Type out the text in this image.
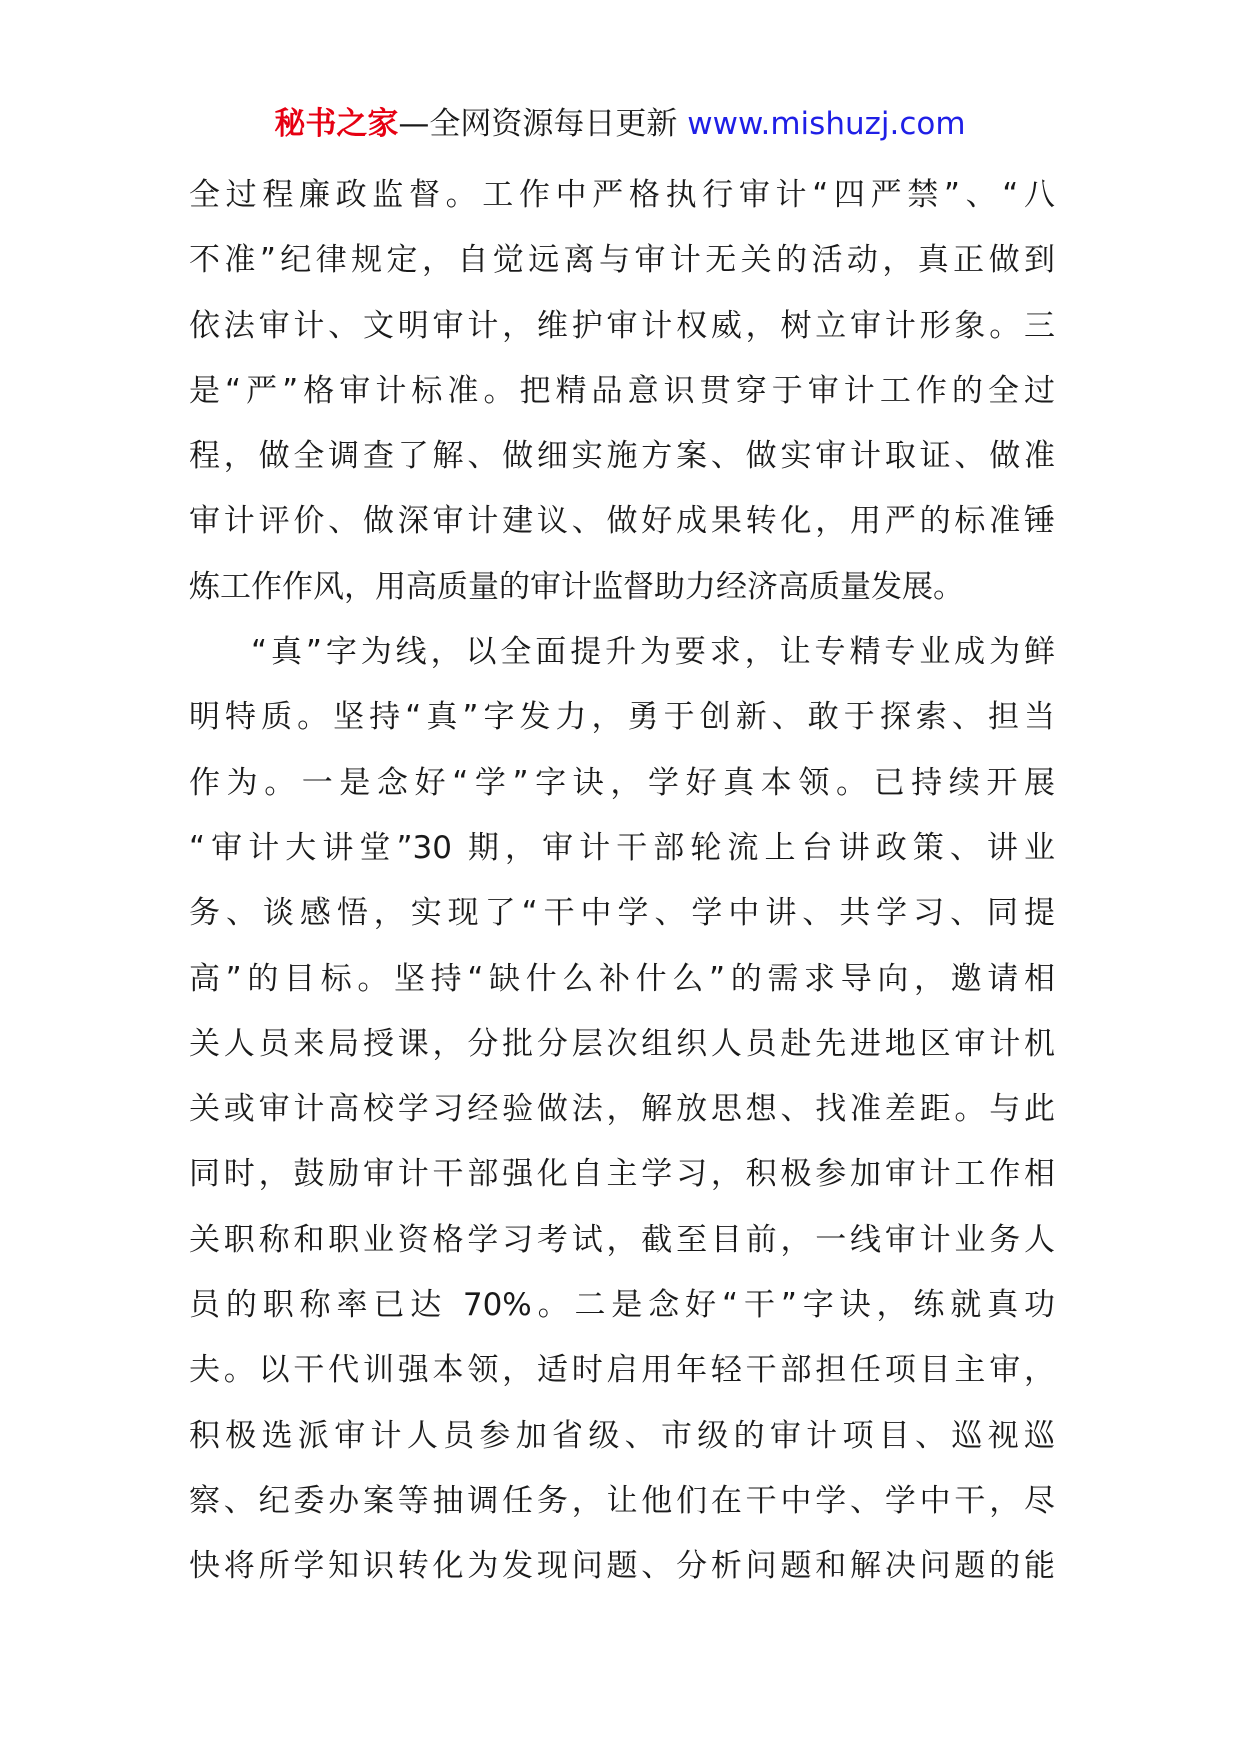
秘书之家—全网资源每日更新 www.mishuzj.com
全过程廉政监督。工作中严格执行审计“四严禁”、“八
不准”纪律规定，自觉远离与审计无关的活动，真正做到
依法审计、文明审计，维护审计权威，树立审计形象。三
是“严”格审计标准。把精品意识贯穿于审计工作的全过
程，做全调查了解、做细实施方案、做实审计取证、做准
审计评价、做深审计建议、做好成果转化，用严的标准锤
炼工作作风，用高质量的审计监督助力经济高质量发展。
“真”字为线，以全面提升为要求，让专精专业成为鲜
明特质。坚持“真”字发力，勇于创新、敢于探索、担当
作为。一是念好“学”字诀，学好真本领。已持续开展
“审计大讲堂”30 期，审计干部轮流上台讲政策、讲业
务、谈感悟，实现了“干中学、学中讲、共学习、同提
高”的目标。坚持“缺什么补什么”的需求导向，邀请相
关人员来局授课，分批分层次组织人员赴先进地区审计机
关或审计高校学习经验做法，解放思想、找准差距。与此
同时，鼓励审计干部强化自主学习，积极参加审计工作相
关职称和职业资格学习考试，截至目前，一线审计业务人
员的职称率已达 70%。二是念好“干”字诀，练就真功
夫。以干代训强本领，适时启用年轻干部担任项目主审，
积极选派审计人员参加省级、市级的审计项目、巡视巡
察、纪委办案等抽调任务，让他们在干中学、学中干，尽
快将所学知识转化为发现问题、分析问题和解决问题的能
